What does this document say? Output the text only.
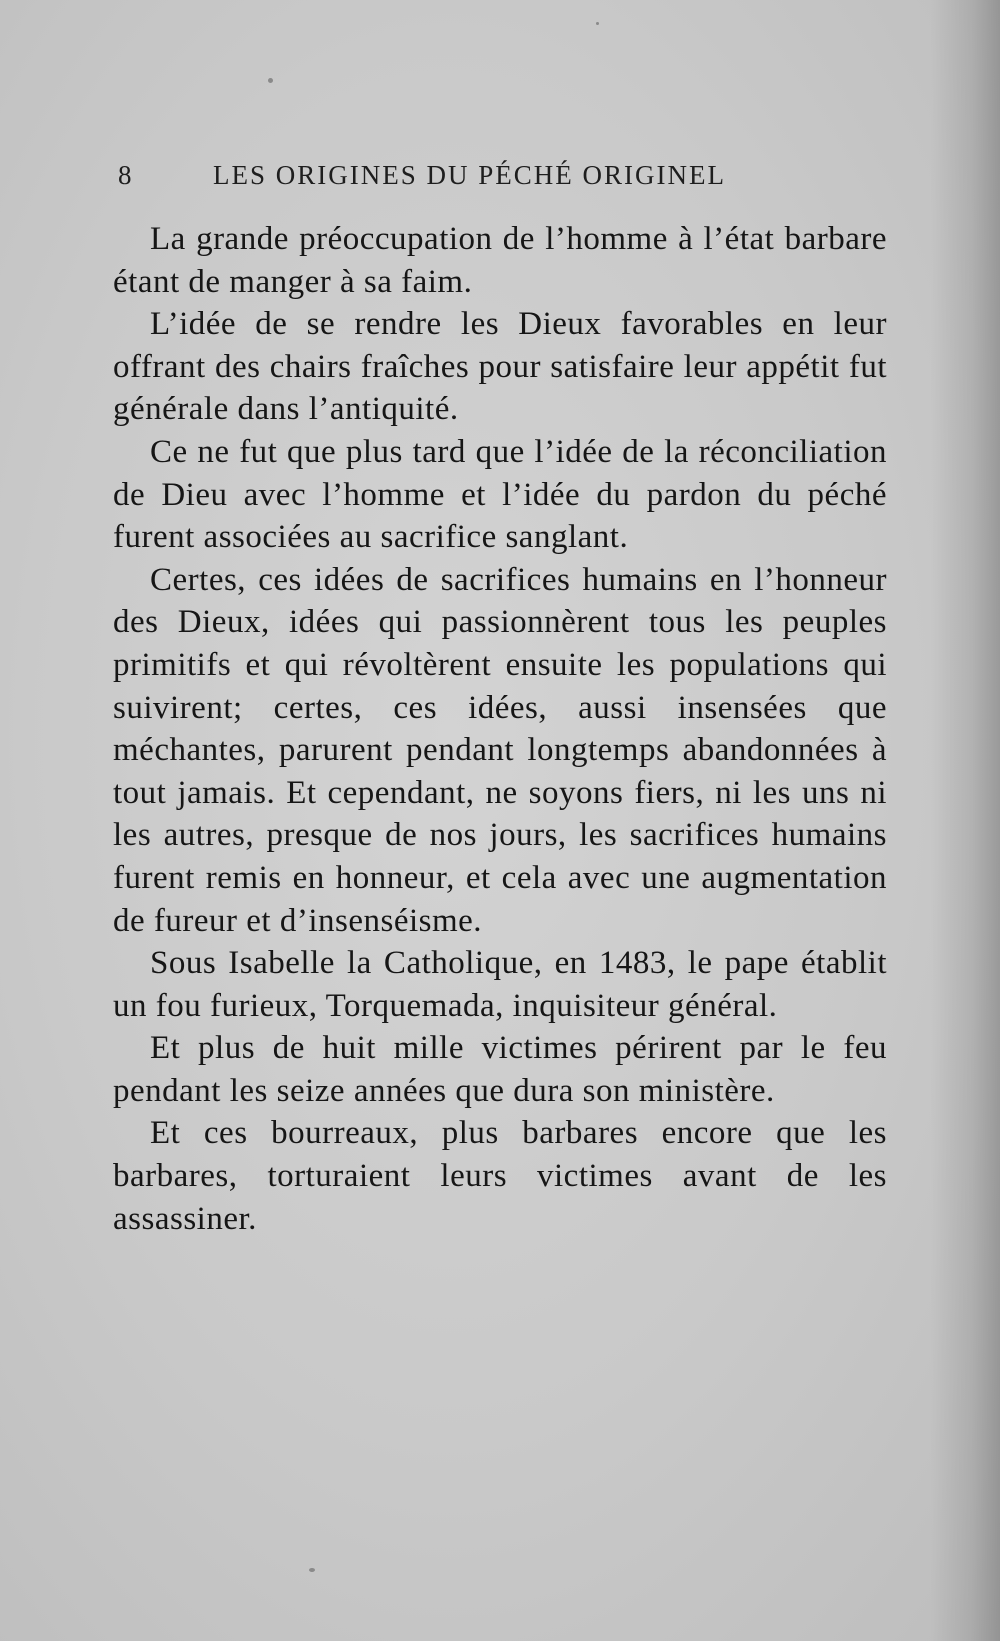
8	LES ORIGINES DU PÉCHÉ ORIGINEL

La grande préoccupation de l’homme à l’état barbare étant de manger à sa faim.

L’idée de se rendre les Dieux favorables en leur offrant des chairs fraîches pour satisfaire leur appétit fut générale dans l’antiquité.

Ce ne fut que plus tard que l’idée de la réconciliation de Dieu avec l’homme et l’idée du pardon du péché furent associées au sacrifice sanglant.

Certes, ces idées de sacrifices humains en l’honneur des Dieux, idées qui passionnèrent tous les peuples primitifs et qui révoltèrent ensuite les populations qui suivirent; certes, ces idées, aussi insensées que méchantes, parurent pendant longtemps abandonnées à tout jamais. Et cependant, ne soyons fiers, ni les uns ni les autres, presque de nos jours, les sacrifices humains furent remis en honneur, et cela avec une augmentation de fureur et d’insenséisme.

Sous Isabelle la Catholique, en 1483, le pape établit un fou furieux, Torquemada, inquisiteur général.

Et plus de huit mille victimes périrent par le feu pendant les seize années que dura son ministère.

Et ces bourreaux, plus barbares encore que les barbares, torturaient leurs victimes avant de les assassiner.
